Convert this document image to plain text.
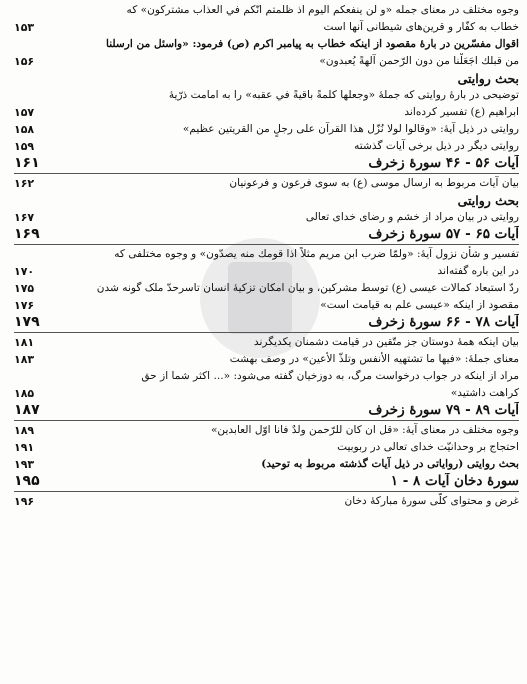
وجوه مختلف در معنای جمله «و لن ينفعكم اليوم اذ ظلمتم انّكم في العذاب مشتركون» كه
خطاب به كفّار و قرين‌های شيطانی آنها است
۱۵۳
اقوال مفسّرين در بارهٔ مقصود از اينكه خطاب به پيامبر اكرم (ص) فرمود: «واسئل من ارسلنا
من قبلك اجَعَلْنا من دون الرّحمن آلهةً يُعبدون»
۱۵۶
بحث روايتی
توضيحی در بارهٔ روايتی كه جملهٔ «وجعلها كلمةً باقيةً في عقبه» را به امامت ذرّيهٔ
ابراهيم (ع) تفسير كرده‌اند
۱۵۷
روايتی در ذيل آيهٔ: «وقالوا لولا نُزّل هذا القرآن على رجلٍ من القريتين عظيم»
۱۵۸
روايتی ديگر در ذيل برخی آيات گذشته
۱۵۹
آيات ۵۶ - ۴۶ سورهٔ زخرف
۱۶۱
بيان آيات مربوط به ارسال موسی (ع) به سوی فرعون و فرعونيان
۱۶۲
بحث روايتی
روايتی در بيان مراد از خشم و رضای خدای تعالی
۱۶۷
آيات ۶۵ - ۵۷ سورهٔ زخرف
۱۶۹
تفسير و شأن نزول آيهٔ: «ولمّا ضرب ابن مريم مثلاً اذا قومك منه يصدّون» و وجوه مختلفی كه
در اين باره گفته‌اند
۱۷۰
ردّ استبعاد كمالات عيسی (ع) توسط مشركين، و بيان امكان تزكيهٔ انسان تاسرحدّ ملک گونه شدن
۱۷۵
مقصود از اينكه «عيسی علم به قيامت است»
۱۷۶
آيات ۷۸ - ۶۶ سورهٔ زخرف
۱۷۹
بيان اينكه همهٔ دوستان جز متّقين در قيامت دشمنان يكديگرند
۱۸۱
معنای جملهٔ: «فيها ما تشتهيه الأنفس وتلذّ الأعين» در وصف بهشت
۱۸۳
مراد از اينكه در جواب درخواست مرگ، به دوزخيان گفته می‌شود: «... اكثر شما از حق
كراهت داشتيد»
۱۸۵
آيات ۸۹ - ۷۹ سورهٔ زخرف
۱۸۷
وجوه مختلف در معنای آيهٔ: «قل ان كان للرّحمن ولدٌ فانا اوّل العابدين»
۱۸۹
احتجاج بر وحدانيّت خدای تعالی در ربوبيت
۱۹۱
بحث روايتی (رواياتی در ذيل آيات گذشته مربوط به توحيد)
۱۹۳
سورهٔ دخان آيات ۸ - ۱
۱۹۵
غرض و محتوای كلّی سورهٔ مباركهٔ دخان
۱۹۶
